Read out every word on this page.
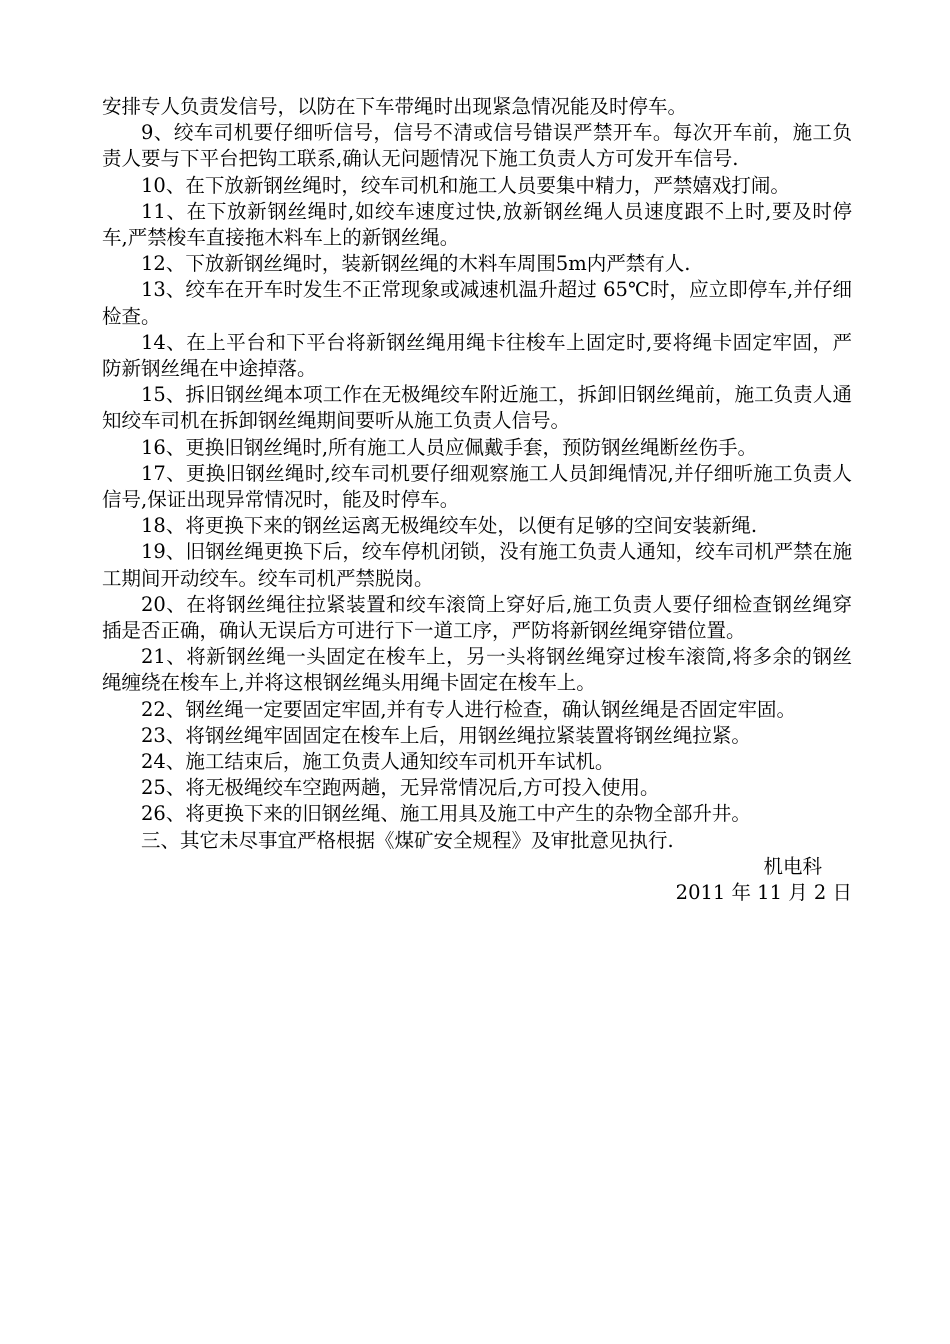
安排专人负责发信号，以防在下车带绳时出现紧急情况能及时停车。

9、绞车司机要仔细听信号，信号不清或信号错误严禁开车。每次开车前，施工负责人要与下平台把钩工联系,确认无问题情况下施工负责人方可发开车信号.

10、在下放新钢丝绳时，绞车司机和施工人员要集中精力，严禁嬉戏打闹。

11、在下放新钢丝绳时,如绞车速度过快,放新钢丝绳人员速度跟不上时,要及时停车,严禁梭车直接拖木料车上的新钢丝绳。

12、下放新钢丝绳时，装新钢丝绳的木料车周围5m内严禁有人.

13、绞车在开车时发生不正常现象或减速机温升超过 65℃时，应立即停车,并仔细检查。

14、在上平台和下平台将新钢丝绳用绳卡往梭车上固定时,要将绳卡固定牢固，严防新钢丝绳在中途掉落。

15、拆旧钢丝绳本项工作在无极绳绞车附近施工，拆卸旧钢丝绳前，施工负责人通知绞车司机在拆卸钢丝绳期间要听从施工负责人信号。

16、更换旧钢丝绳时,所有施工人员应佩戴手套，预防钢丝绳断丝伤手。

17、更换旧钢丝绳时,绞车司机要仔细观察施工人员卸绳情况,并仔细听施工负责人信号,保证出现异常情况时，能及时停车。

18、将更换下来的钢丝运离无极绳绞车处，以便有足够的空间安装新绳.

19、旧钢丝绳更换下后，绞车停机闭锁，没有施工负责人通知，绞车司机严禁在施工期间开动绞车。绞车司机严禁脱岗。

20、在将钢丝绳往拉紧装置和绞车滚筒上穿好后,施工负责人要仔细检查钢丝绳穿插是否正确，确认无误后方可进行下一道工序，严防将新钢丝绳穿错位置。

21、将新钢丝绳一头固定在梭车上，另一头将钢丝绳穿过梭车滚筒,将多余的钢丝绳缠绕在梭车上,并将这根钢丝绳头用绳卡固定在梭车上。

22、钢丝绳一定要固定牢固,并有专人进行检查，确认钢丝绳是否固定牢固。

23、将钢丝绳牢固固定在梭车上后，用钢丝绳拉紧装置将钢丝绳拉紧。

24、施工结束后，施工负责人通知绞车司机开车试机。

25、将无极绳绞车空跑两趟，无异常情况后,方可投入使用。

26、将更换下来的旧钢丝绳、施工用具及施工中产生的杂物全部升井。

三、其它未尽事宜严格根据《煤矿安全规程》及审批意见执行.

机电科

2011 年 11 月 2 日
